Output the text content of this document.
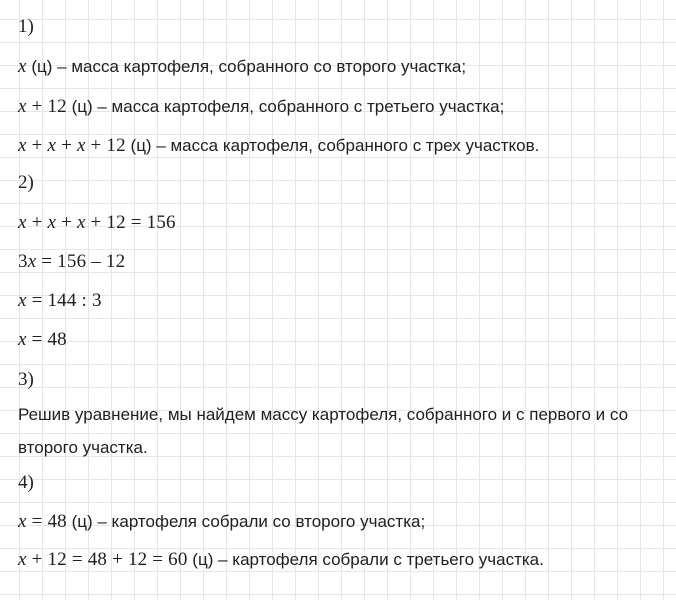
1)
x (ц) – масса картофеля, собранного со второго участка;
x + 12 (ц) – масса картофеля, собранного с третьего участка;
x + x + x + 12 (ц) – масса картофеля, собранного с трех участков.
2)
x + x + x + 12 = 156
3x = 156 – 12
x = 144 : 3
x = 48
3)
Решив уравнение, мы найдем массу картофеля, собранного и с первого и со
второго участка.
4)
x = 48 (ц) – картофеля собрали со второго участка;
x + 12 = 48 + 12 = 60 (ц) – картофеля собрали с третьего участка.
